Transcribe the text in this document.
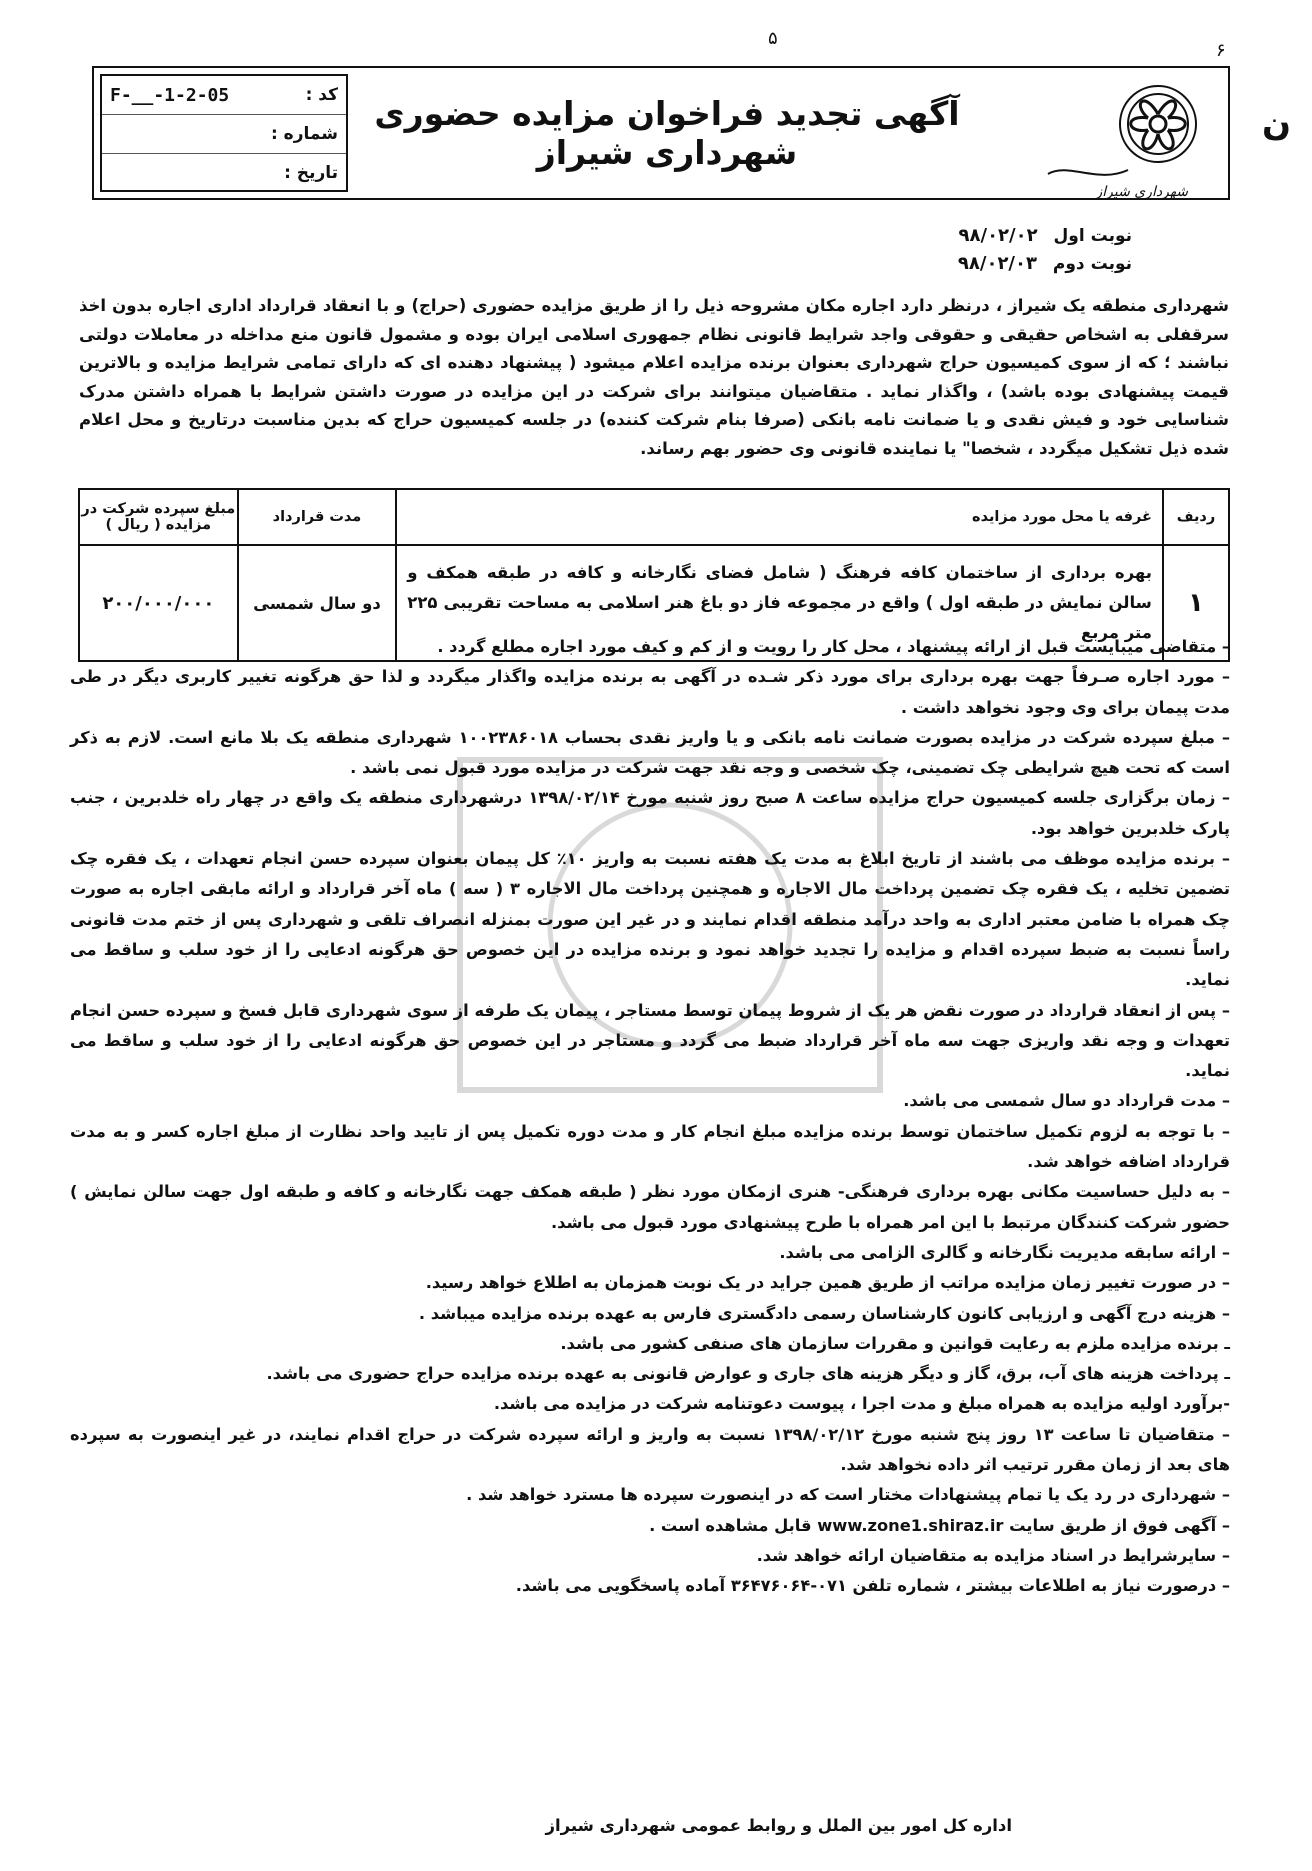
۵
۶
ن
کد :
F-__-1-2-05
شماره :
تاریخ :
آگهی تجدید فراخوان مزایده حضوری شهرداری شیراز
شهرداری شیراز
نوبت اول ۹۸/۰۲/۰۲
نوبت دوم ۹۸/۰۲/۰۳
شهرداری منطقه یک شیراز ، درنظر دارد اجاره مکان مشروحه ذیل را از طریق مزایده حضوری (حراج) و با انعقاد قرارداد اداری اجاره بدون اخذ سرقفلی به اشخاص حقیقی و حقوقی واجد شرایط قانونی نظام جمهوری اسلامی ایران بوده و مشمول قانون منع مداخله در معاملات دولتی نباشند ؛ که از سوی کمیسیون حراج شهرداری بعنوان برنده مزایده اعلام میشود ( پیشنهاد دهنده ای که دارای تمامی شرایط مزایده و بالاترین قیمت پیشنهادی بوده باشد) ، واگذار نماید . متقاضیان میتوانند برای شرکت در این مزایده در صورت داشتن شرایط با همراه داشتن مدرک شناسایی خود و فیش نقدی و یا ضمانت نامه بانکی (صرفا بنام شرکت کننده) در جلسه کمیسیون حراج که بدین مناسبت درتاریخ و محل اعلام شده ذیل تشکیل میگردد ، شخصا" یا نماینده قانونی وی حضور بهم رساند.
ردیف	غرفه یا محل مورد مزایده	مدت قرارداد	مبلغ سپرده شرکت در مزایده ( ریال )
۱	بهره برداری از ساختمان کافه فرهنگ ( شامل فضای نگارخانه و کافه در طبقه همکف و سالن نمایش در طبقه اول ) واقع در مجموعه فاز دو باغ هنر اسلامی به مساحت تقریبی ۲۲۵ متر مربع	دو سال شمسی	۲۰۰/۰۰۰/۰۰۰

– متقاضی میبایست قبل از ارائه پیشنهاد ، محل کار را رویت و از کم و کیف مورد اجاره مطلع گردد .

– مورد اجاره صـرفاً جهت بهره برداری برای مورد ذکر شـده در آگهی به برنده مزایده واگذار میگردد و لذا حق هرگونه تغییر کاربری دیگر در طی مدت پیمان برای وی وجود نخواهد داشت .

– مبلغ سپرده شرکت در مزایده بصورت ضمانت نامه بانکی و یا واریز نقدی بحساب ۱۰۰۲۳۸۶۰۱۸ شهرداری منطقه یک بلا مانع است. لازم به ذکر است که تحت هیچ شرایطی چک تضمینی، چک شخصی و وجه نقد جهت شرکت در مزایده مورد قبول نمی باشد .

– زمان برگزاری جلسه کمیسیون حراج مزایده ساعت ۸ صبح روز شنبه مورخ ۱۳۹۸/۰۲/۱۴ درشهرداری منطقه یک واقع در چهار راه خلدبرین ، جنب پارک خلدبرین خواهد بود.

– برنده مزایده موظف می باشند از تاریخ ابلاغ به مدت یک هفته نسبت به واریز ۱۰٪ کل پیمان بعنوان سپرده حسن انجام تعهدات ، یک فقره چک تضمین تخلیه ، یک فقره چک تضمین پرداخت مال الاجاره و همچنین پرداخت مال الاجاره ۳ ( سه ) ماه آخر قرارداد و ارائه مابقی اجاره به صورت چک همراه با ضامن معتبر اداری به واحد درآمد منطقه اقدام نمایند و در غیر این صورت بمنزله انصراف تلقی و شهرداری پس از ختم مدت قانونی راساً نسبت به ضبط سپرده اقدام و مزایده را تجدید خواهد نمود و برنده مزایده در این خصوص حق هرگونه ادعایی را از خود سلب و ساقط می نماید.

– پس از انعقاد قرارداد در صورت نقض هر یک از شروط پیمان توسط مستاجر ، پیمان یک طرفه از سوی شهرداری قابل فسخ و سپرده حسن انجام تعهدات و وجه نقد واریزی جهت سه ماه آخر قرارداد ضبط می گردد و مستاجر در این خصوص حق هرگونه ادعایی را از خود سلب و ساقط می نماید.

– مدت قرارداد دو سال شمسی می باشد.

– با توجه به لزوم تکمیل ساختمان توسط برنده مزایده مبلغ انجام کار و مدت دوره تکمیل پس از تایید واحد نظارت از مبلغ اجاره کسر و به مدت قرارداد اضافه خواهد شد.

– به دلیل حساسیت مکانی بهره برداری فرهنگی- هنری ازمکان مورد نظر ( طبقه همکف جهت نگارخانه و کافه و طبقه اول جهت سالن نمایش ) حضور شرکت کنندگان مرتبط با این امر همراه با طرح پیشنهادی مورد قبول می باشد.

– ارائه سابقه مدیریت نگارخانه و گالری الزامی می باشد.

– در صورت تغییر زمان مزایده مراتب از طریق همین جراید در یک نوبت همزمان به اطلاع خواهد رسید.

– هزینه درج آگهی و ارزیابی کانون کارشناسان رسمی دادگستری فارس به عهده برنده مزایده میباشد .

ـ برنده مزایده ملزم به رعایت قوانین و مقررات سازمان های صنفی کشور می باشد.

ـ پرداخت هزینه های آب، برق، گاز و دیگر هزینه های جاری و عوارض قانونی به عهده برنده مزایده حراج حضوری می باشد.

-برآورد اولیه مزایده به همراه مبلغ و مدت اجرا ، پیوست دعوتنامه شرکت در مزایده می باشد.

– متقاضیان تا ساعت ۱۳ روز پنج شنبه مورخ ۱۳۹۸/۰۲/۱۲ نسبت به واریز و ارائه سپرده شرکت در حراج اقدام نمایند، در غیر اینصورت به سپرده های بعد از زمان مقرر ترتیب اثر داده نخواهد شد.

– شهرداری در رد یک یا تمام پیشنهادات مختار است که در اینصورت سپرده ها مسترد خواهد شد .

– آگهی فوق از طریق سایت www.zone1.shiraz.ir قابل مشاهده است .

– سایرشرایط در اسناد مزایده به متقاضیان ارائه خواهد شد.

– درصورت نیاز به اطلاعات بیشتر ، شماره تلفن ۰۷۱-۳۶۴۷۶۰۶۴ آماده پاسخگویی می باشد.

اداره کل امور بین الملل و روابط عمومی شهرداری شیراز
